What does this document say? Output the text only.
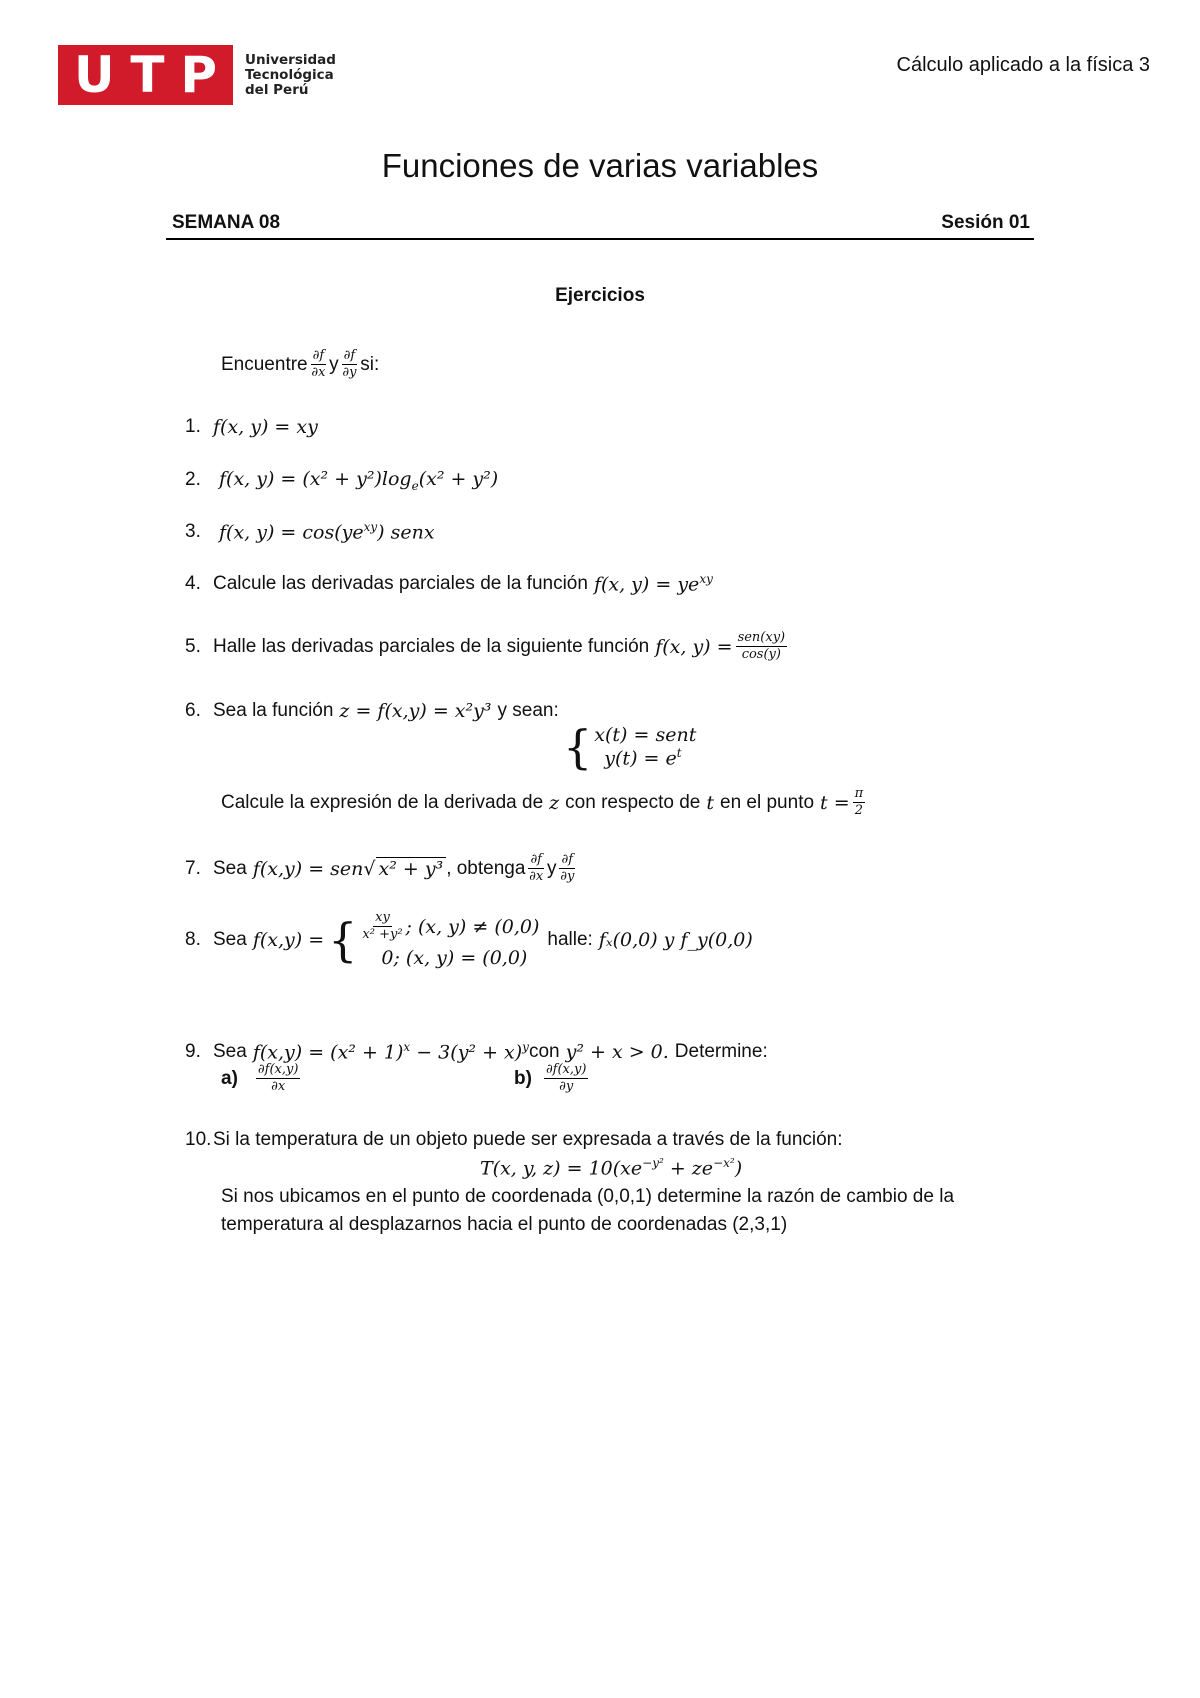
U T P Universidad
Tecnológica
del Perú
Cálculo aplicado a la física 3
Funciones de varias variables
SEMANA 08	Sesión 01
Ejercicios
Encuentre $\frac{\partial f}{\partial x}$ y $\frac{\partial f}{\partial y}$ si:
1. f(x, y) = xy
2. f(x, $y) = (x^2 + y^2)\log_e(x^2 + y^2)$
3. f(x, $y) = \cos(ye^{xy})$ senx
4. Calcule las derivadas parciales de la función f(x, $y) = ye^{xy}$
5. Halle las derivadas parciales de la siguiente función f(x, $y) = \frac{\text{sen(xy)}}{\cos(y)}$
6. Sea la función z = f(x,y) = x²y³ y sean:
{ x(t) = sent
$y(t) = e^t$
Calcule la expresión de la derivada de z con respecto de t en el punto $t = \frac{\pi}{2}$
7. Sea f(x,y) = sen √ x² + y³ , obtenga $\frac{\partial f}{\partial x}$ y $\frac{\partial f}{\partial y}$
8. Sea f(x,y) = { $\frac{xy}{\text{x² +y²}}$ ; (x, y) ≠ (0,0)
0; (x, y) = (0,0)
halle: fₓ(0,0) y f_y(0,0)
9. Sea $f(x,y) = (x^2 + 1)^x - 3(y^2 + x)^y$ con y² + x > 0. Determine:
$a) \frac{\partial f(x,y)}{\partial x}$	$b) \frac{\partial f(x,y)}{\partial y}$
10. Si la temperatura de un objeto puede ser expresada a través de la función:
T(x, y, $z) = 10(xe^{-y^2} + ze^{-x^2})$
Si nos ubicamos en el punto de coordenada (0,0,1) determine la razón de cambio de la
temperatura al desplazarnos hacia el punto de coordenadas (2,3,1)
